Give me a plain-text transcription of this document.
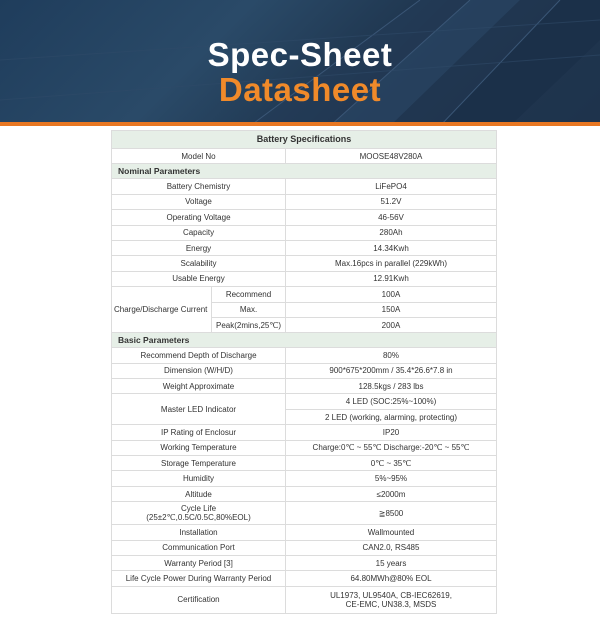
Spec-Sheet
Datasheet
Battery Specifications		
Model No		MOOSE48V280A
Nominal Parameters		
Battery Chemistry		LiFePO4
Voltage		51.2V
Operating Voltage		46-56V
Capacity		280Ah
Energy		14.34Kwh
Scalability		Max.16pcs in parallel (229kWh)
Usable Energy		12.91Kwh
Charge/Discharge Current	Recommend	100A
	Max.	150A
	Peak(2mins,25℃)	200A
Basic Parameters		
Recommend Depth of Discharge		80%
Dimension (W/H/D)		900*675*200mm / 35.4*26.6*7.8 in
Weight Approximate		128.5kgs / 283 lbs
Master LED Indicator		4 LED (SOC:25%~100%)
		2 LED (working, alarming, protecting)
IP Rating of Enclosur		IP20
Working Temperature		Charge:0℃ ~ 55℃ Discharge:-20℃ ~ 55℃
Storage Temperature		0℃ ~ 35℃
Humidity		5%~95%
Altitude		≤2000m

Cycle Life
(25±2℃,0.5C/0.5C,80%EOL)		≧8500
Installation		Wallmounted
Communication Port		CAN2.0, RS485
Warranty Period [3]		15 years
Life Cycle Power During Warranty Period		64.80MWh@80% EOL
Certification		UL1973, UL9540A, CB-IEC62619,
CE-EMC, UN38.3, MSDS
